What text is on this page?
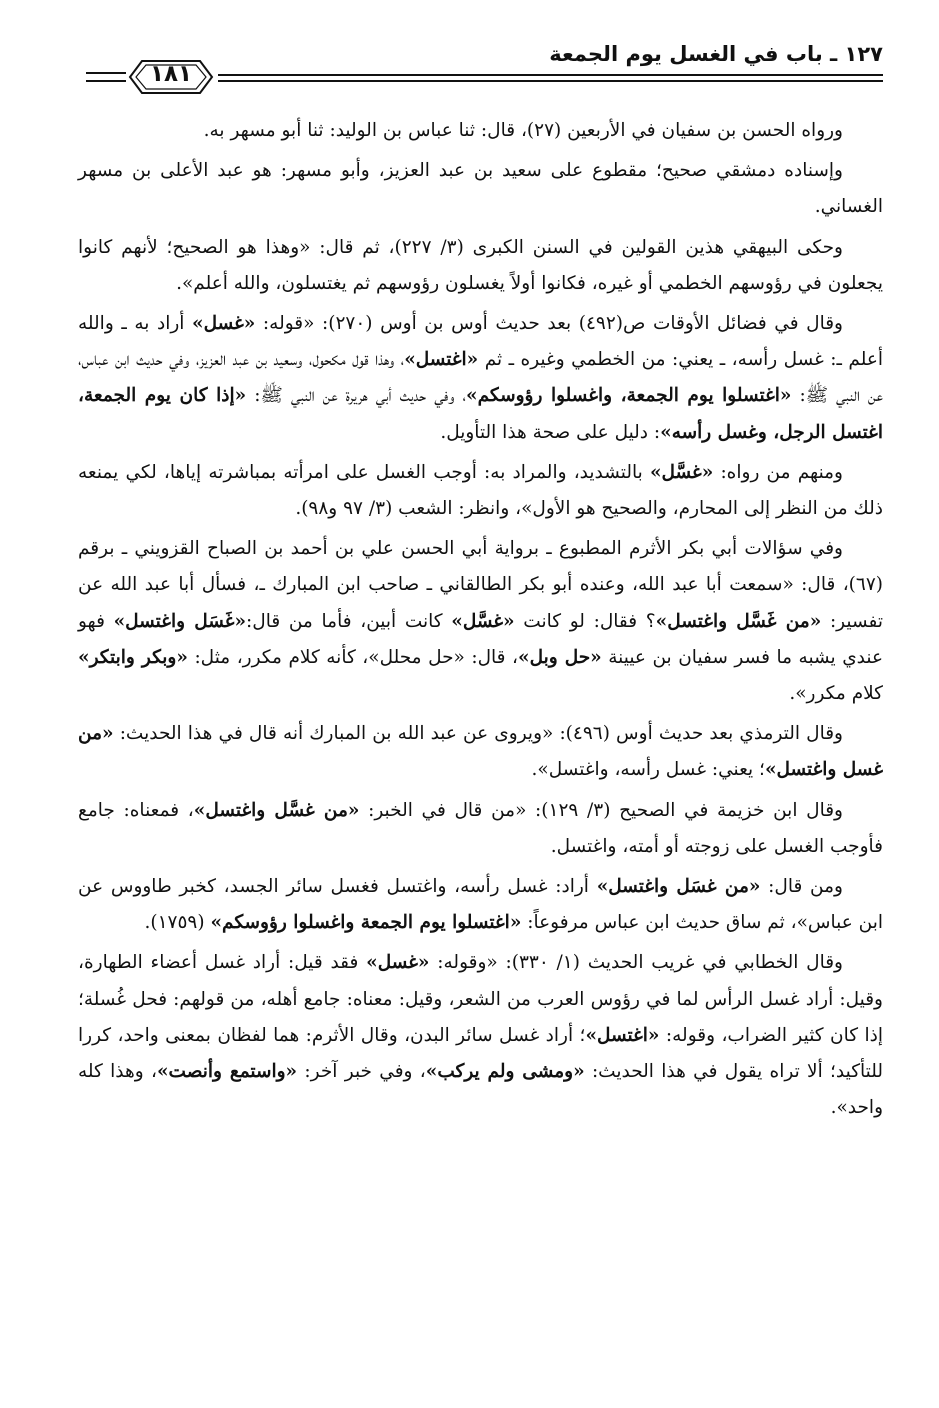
١٢٧ ـ باب في الغسل يوم الجمعة
١٨١

ورواه الحسن بن سفيان في الأربعين (٢٧)، قال: ثنا عباس بن الوليد: ثنا أبو مسهر به.

وإسناده دمشقي صحيح؛ مقطوع على سعيد بن عبد العزيز، وأبو مسهر: هو عبد الأعلى بن مسهر الغساني.

وحكى البيهقي هذين القولين في السنن الكبرى (٣/ ٢٢٧)، ثم قال: «وهذا هو الصحيح؛ لأنهم كانوا يجعلون في رؤوسهم الخطمي أو غيره، فكانوا أولاً يغسلون رؤوسهم ثم يغتسلون، والله أعلم».

وقال في فضائل الأوقات ص(٤٩٢) بعد حديث أوس بن أوس (٢٧٠): «قوله: «غسل» أراد به ـ والله أعلم ـ: غسل رأسه، ـ يعني: من الخطمي وغيره ـ ثم «اغتسل»، وهذا قول مكحول، وسعيد بن عبد العزيز، وفي حديث ابن عباس، عن النبي ﷺ: «اغتسلوا يوم الجمعة، واغسلوا رؤوسكم»، وفي حديث أبي هريرة عن النبي ﷺ: «إذا كان يوم الجمعة، اغتسل الرجل، وغسل رأسه»: دليل على صحة هذا التأويل.

ومنهم من رواه: «غسَّل» بالتشديد، والمراد به: أوجب الغسل على امرأته بمباشرته إياها، لكي يمنعه ذلك من النظر إلى المحارم، والصحيح هو الأول»، وانظر: الشعب (٣/ ٩٧ و٩٨).

وفي سؤالات أبي بكر الأثرم المطبوع ـ برواية أبي الحسن علي بن أحمد بن الصباح القزويني ـ برقم (٦٧)، قال: «سمعت أبا عبد الله، وعنده أبو بكر الطالقاني ـ صاحب ابن المبارك ـ، فسأل أبا عبد الله عن تفسير: «من غَسَّل واغتسل»؟ فقال: لو كانت «غسَّل» كانت أبين، فأما من قال:«غَسَل واغتسل» فهو عندي يشبه ما فسر سفيان بن عيينة «حل وبل»، قال: «حل محلل»، كأنه كلام مكرر، مثل: «وبكر وابتكر» كلام مكرر».

وقال الترمذي بعد حديث أوس (٤٩٦): «ويروى عن عبد الله بن المبارك أنه قال في هذا الحديث: «من غسل واغتسل»؛ يعني: غسل رأسه، واغتسل».

وقال ابن خزيمة في الصحيح (٣/ ١٢٩): «من قال في الخبر: «من غسَّل واغتسل»، فمعناه: جامع فأوجب الغسل على زوجته أو أمته، واغتسل.

ومن قال: «من غسَل واغتسل» أراد: غسل رأسه، واغتسل فغسل سائر الجسد، كخبر طاووس عن ابن عباس»، ثم ساق حديث ابن عباس مرفوعاً: «اغتسلوا يوم الجمعة واغسلوا رؤوسكم» (١٧٥٩).

وقال الخطابي في غريب الحديث (١/ ٣٣٠): «وقوله: «غسل» فقد قيل: أراد غسل أعضاء الطهارة، وقيل: أراد غسل الرأس لما في رؤوس العرب من الشعر، وقيل: معناه: جامع أهله، من قولهم: فحل غُسلة؛ إذا كان كثير الضراب، وقوله: «اغتسل»؛ أراد غسل سائر البدن، وقال الأثرم: هما لفظان بمعنى واحد، كررا للتأكيد؛ ألا تراه يقول في هذا الحديث: «ومشى ولم يركب»، وفي خبر آخر: «واستمع وأنصت»، وهذا كله واحد».
